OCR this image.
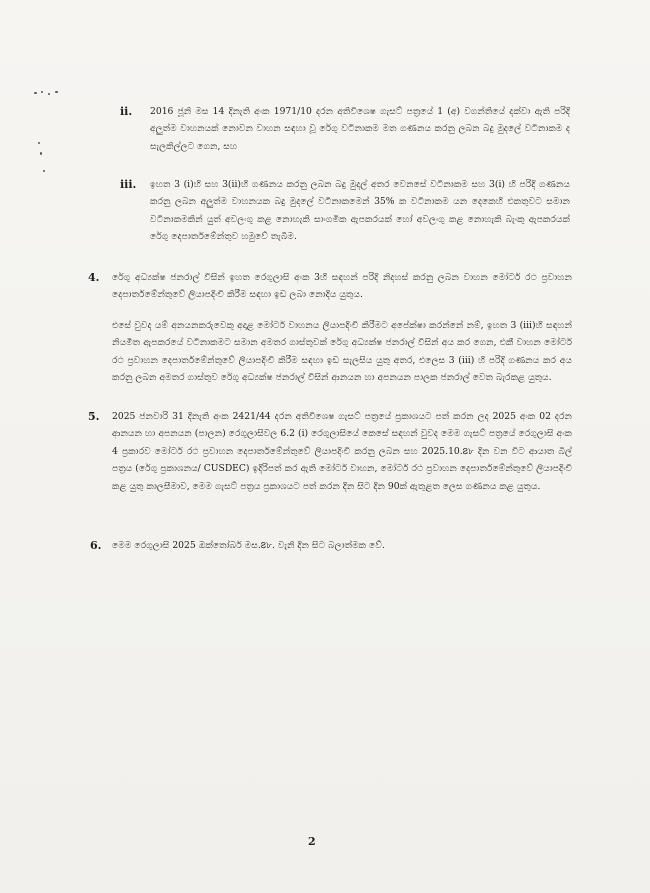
ii. 2016 ජූනි මස 14 දිනැති අංක 1971/10 දරන අතිවිශෙෂ ගැසට් පත්‍රයේ 1 (අ) වගන්තියේ දක්වා ඇති පරිදි අලුත්ම වාහනයක් නොවන වාහන සඳහා වූ රේගු වටිනාකම මත ගණනය කරනු ලබන බදු මුදලේ වටිනාකම ද සැලකිල්ලට ගෙන, සහ
iii. ඉහත 3 (i)හි සහ 3(ii)හි ගණනය කරනු ලබන බදු මුදල් අතර වෙනසේ වටිනාකම සහ 3(i) හි පරිදි ගණනය කරනු ලබන අලුත්ම වාහනයක බදු මුදලේ වටිනාකමෙන් 35% ක වටිනාකම යන දෙකෙහි එකතුවට සමාන වටිනාකමකින් යුත් අවලංගු කළ නොහැකි සාංගමික ඇපකරයක් හෝ අවලංගු කළ නොහැකි බැංකු ඇපකරයක් රේගු දෙපාර්තමේන්තුව හමුවේ තැබීම.
4. රේගු අධ්‍යක්ෂ ජනරාල් විසින් ඉහත රෙගුලාසි අංක 3හි සඳහන් පරිදි නිදහස් කරනු ලබන වාහන මෝටර් රථ ප්‍රවාහන දෙපාර්තමේන්තුවේ ලියාපදිංචි කිරීම සඳහා ඉඩ ලබා නොදිය යුතුය.
එසේ වුවද යම් අනයනකරුවෙකු අදාළ මෝටර් වාහනය ලියාපදිංචි කිරීමට අපේක්ෂා කරන්නේ නම්, ඉහත 3 (iii)හි සඳහන් නියමිත ඇපකරයේ වටිනාකමට සමාන අමතර ගාස්තුවක් රේගු අධ්‍යක්ෂ ජනරාල් විසින් අය කර ගෙන, එකී වාහන මෝටර් රථ ප්‍රවාහන දෙපාර්තමේන්තුවේ ලියාපදිංචි කිරීම සඳහා ඉඩ සැලසිය යුතු අතර, එලෙස 3 (iii) හි පරිදි ගණනය කර අය කරනු ලබන අමතර ගාස්තුව රේගු අධ්‍යක්ෂ ජනරාල් විසින් ආනයන හා අපනයන පාලක ජනරාල් වෙත බැරකළ යුතුය.
5. 2025 ජනවාරි 31 දිනැති අංක 2421/44 දරන අතිවිශෙෂ ගැසට් පත්‍රයේ ප්‍රකාශයට පත් කරන ලද 2025 අංක 02 දරන ආනයන හා අපනයන (පාලන) රෙගුලාසිවල 6.2 (i) රෙගුලාසියේ කෙසේ සඳහන් වුවද මෙම ගැසට් පත්‍රයේ රෙගුලාසි අංක 4 ප්‍රකාරව මෝටර් රථ ප්‍රවාහන දෙපාර්තමේන්තුවේ ලියාපදිංචි කරනු ලබන සහ 2025.10.౭৮ දින වන විට ආයාත බිල් පත්‍රය (රේගු ප්‍රකාශනය/ CUSDEC) ඉදිරිපත් කර ඇති මෝටර් වාහන, මෝටර් රථ ප්‍රවාහන දෙපාර්තමේන්තුවේ ලියාපදිංචි කළ යුතු කාලසීමාව, මෙම ගැසට් පත්‍රය ප්‍රකාශයට පත් කරන දින සිට දින 90ක් ඇතුළත ලෙස ගණනය කළ යුතුය.
6. මෙම රෙගුලාසි 2025 ඔක්තෝබර් මස.౭৮. වැනි දින සිට බලාත්මක වේ.
2
